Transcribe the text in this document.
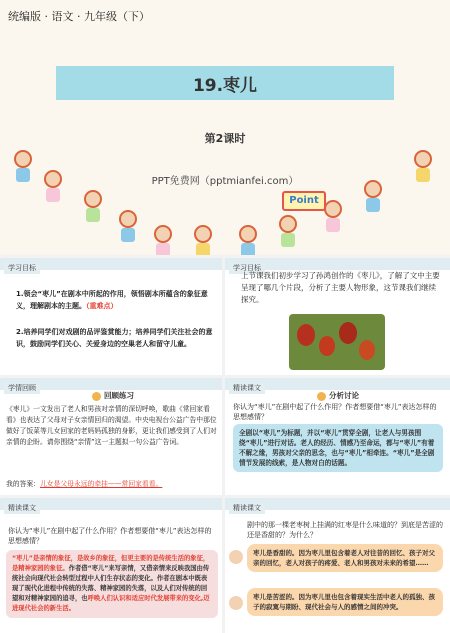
统编版 · 语文 · 九年级（下）
19.枣儿
第2课时
PPT免费网（pptmianfei.com）
Point
学习目标
1.领会“枣儿”在剧本中所起的作用，领悟剧本所蕴含的象征意义，理解剧本的主题。（重难点）
2.培养同学们对戏剧的品评鉴赏能力；培养同学们关注社会的意识，鼓励同学们关心、关爱身边的空巢老人和留守儿童。
学习目标
上节课我们初步学习了孙鸿创作的《枣儿》，了解了文中主要呈现了哪几个片段，分析了主要人物形象，这节课我们继续探究。
学情回顾
回顾练习
《枣儿》一文发出了老人和男孩对亲情的深切呼唤，歌曲《常回家看看》也表达了父母对子女亲情回归的渴望。中央电视台公益广告中那位做好了饭菜等儿女回家的老妈妈孤独的身影，更让我们感受到了人们对亲情的企盼。请你围绕“亲情”这一主题拟一句公益广告词。
我的答案：儿女是父母永远的牵挂——常回家看看。
精读课文
分析讨论
你认为“枣儿”在剧中起了什么作用？作者想要借“枣儿”表达怎样的思想感情？
全剧以“枣儿”为标题，并以“枣儿”贯穿全剧，让老人与男孩围绕“枣儿”进行对话。老人的经历、情感乃至命运，都与“枣儿”有着不解之缘，男孩对父亲的思念，也与“枣儿”相牵连。“枣儿”是全剧情节发展的线索，是人物对白的话题。
精读课文
你认为“枣儿”在剧中起了什么作用？作者想要借“枣儿”表达怎样的思想感情？
“枣儿”是亲情的象征，是故乡的象征，但更主要的是传统生活的象征，是精神家园的象征。作者借“枣儿”来写亲情，又借亲情来反映我国由传统社会向现代社会转型过程中人们生存状态的变化。作者在剧本中既表现了现代化进程中传统的失落、精神家园的失落，以及人们对传统的回望和对精神家园的追寻，也呼唤人们认识和适应时代发展带来的变化,迈进现代社会的新生活。
精读课文
剧中的那一棵老枣树上挂满的红枣是什么味道的？到底是苦涩的还是香甜的？为什么？
枣儿是香甜的。因为枣儿里包含着老人对往昔的回忆、孩子对父亲的回忆，老人对孩子的疼爱、老人和男孩对未来的希望……
枣儿是苦涩的。因为枣儿里也包含着现实生活中老人的孤独、孩子的寂寞与期盼、现代社会与人的感情之间的冲突。
